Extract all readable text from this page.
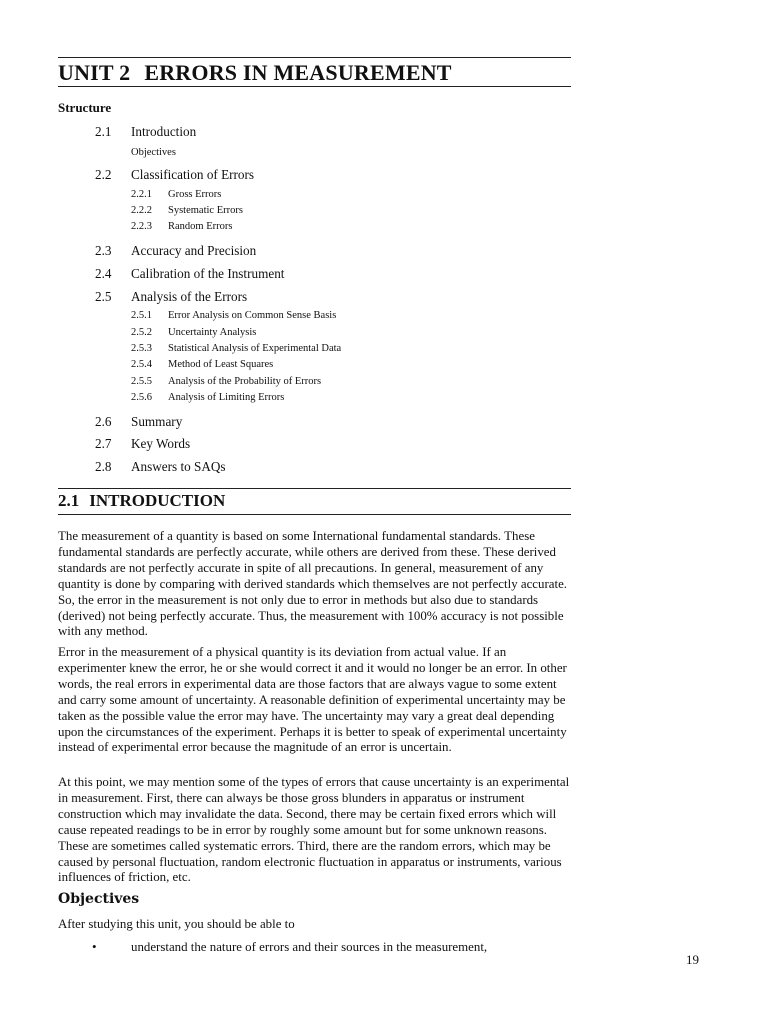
UNIT 2 ERRORS IN MEASUREMENT

Structure

2.1 Introduction
Objectives
2.2 Classification of Errors
2.2.1 Gross Errors
2.2.2 Systematic Errors
2.2.3 Random Errors
2.3 Accuracy and Precision
2.4 Calibration of the Instrument
2.5 Analysis of the Errors
2.5.1 Error Analysis on Common Sense Basis
2.5.2 Uncertainty Analysis
2.5.3 Statistical Analysis of Experimental Data
2.5.4 Method of Least Squares
2.5.5 Analysis of the Probability of Errors
2.5.6 Analysis of Limiting Errors
2.6 Summary
2.7 Key Words
2.8 Answers to SAQs
2.1 INTRODUCTION

The measurement of a quantity is based on some International fundamental standards. These fundamental standards are perfectly accurate, while others are derived from these. These derived standards are not perfectly accurate in spite of all precautions. In general, measurement of any quantity is done by comparing with derived standards which themselves are not perfectly accurate. So, the error in the measurement is not only due to error in methods but also due to standards (derived) not being perfectly accurate. Thus, the measurement with 100% accuracy is not possible with any method.

Error in the measurement of a physical quantity is its deviation from actual value. If an experimenter knew the error, he or she would correct it and it would no longer be an error. In other words, the real errors in experimental data are those factors that are always vague to some extent and carry some amount of uncertainty. A reasonable definition of experimental uncertainty may be taken as the possible value the error may have. The uncertainty may vary a great deal depending upon the circumstances of the experiment. Perhaps it is better to speak of experimental uncertainty instead of experimental error because the magnitude of an error is uncertain.

At this point, we may mention some of the types of errors that cause uncertainty is an experimental in measurement. First, there can always be those gross blunders in apparatus or instrument construction which may invalidate the data. Second, there may be certain fixed errors which will cause repeated readings to be in error by roughly some amount but for some unknown reasons. These are sometimes called systematic errors. Third, there are the random errors, which may be caused by personal fluctuation, random electronic fluctuation in apparatus or instruments, various influences of friction, etc.

Objectives

After studying this unit, you should be able to

•	understand the nature of errors and their sources in the measurement,
19
